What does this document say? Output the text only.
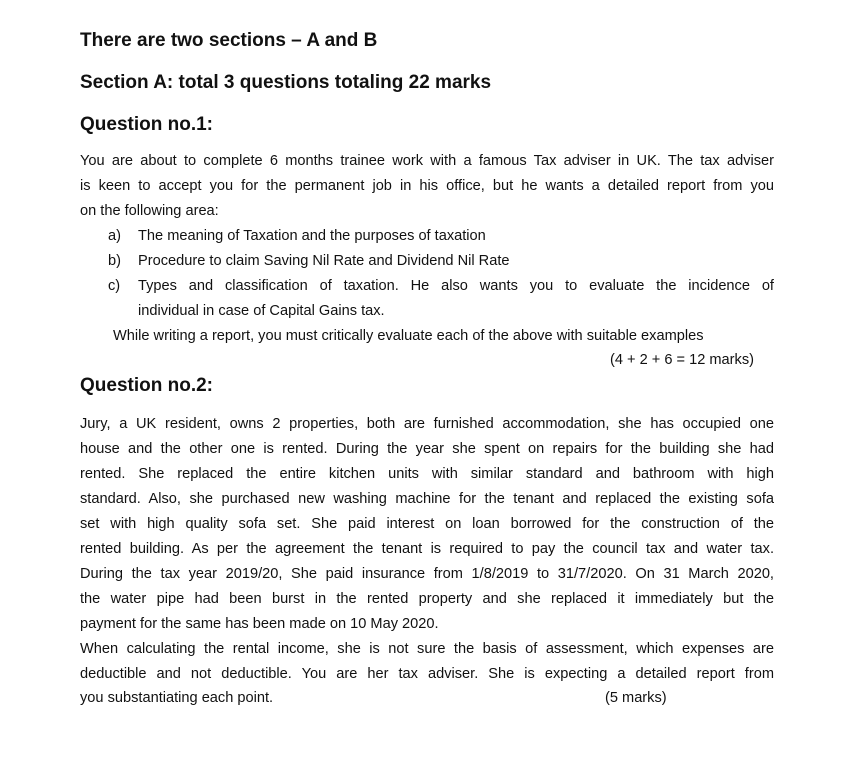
There are two sections – A and B
Section A: total 3 questions totaling 22 marks
Question no.1:
You are about to complete 6 months trainee work with a famous Tax adviser in UK. The tax adviser
is keen to accept you for the permanent job in his office, but he wants a detailed report from you
on the following area:
a) The meaning of Taxation and the purposes of taxation
b) Procedure to claim Saving Nil Rate and Dividend Nil Rate
c) Types and classification of taxation. He also wants you to evaluate the incidence of
individual in case of Capital Gains tax.
While writing a report, you must critically evaluate each of the above with suitable examples
(4 + 2 + 6 = 12 marks)
Question no.2:
Jury, a UK resident, owns 2 properties, both are furnished accommodation, she has occupied one
house and the other one is rented. During the year she spent on repairs for the building she had
rented. She replaced the entire kitchen units with similar standard and bathroom with high
standard. Also, she purchased new washing machine for the tenant and replaced the existing sofa
set with high quality sofa set. She paid interest on loan borrowed for the construction of the
rented building. As per the agreement the tenant is required to pay the council tax and water tax.
During the tax year 2019/20, She paid insurance from 1/8/2019 to 31/7/2020. On 31 March 2020,
the water pipe had been burst in the rented property and she replaced it immediately but the
payment for the same has been made on 10 May 2020.
When calculating the rental income, she is not sure the basis of assessment, which expenses are
deductible and not deductible. You are her tax adviser. She is expecting a detailed report from
you substantiating each point.	(5 marks)
